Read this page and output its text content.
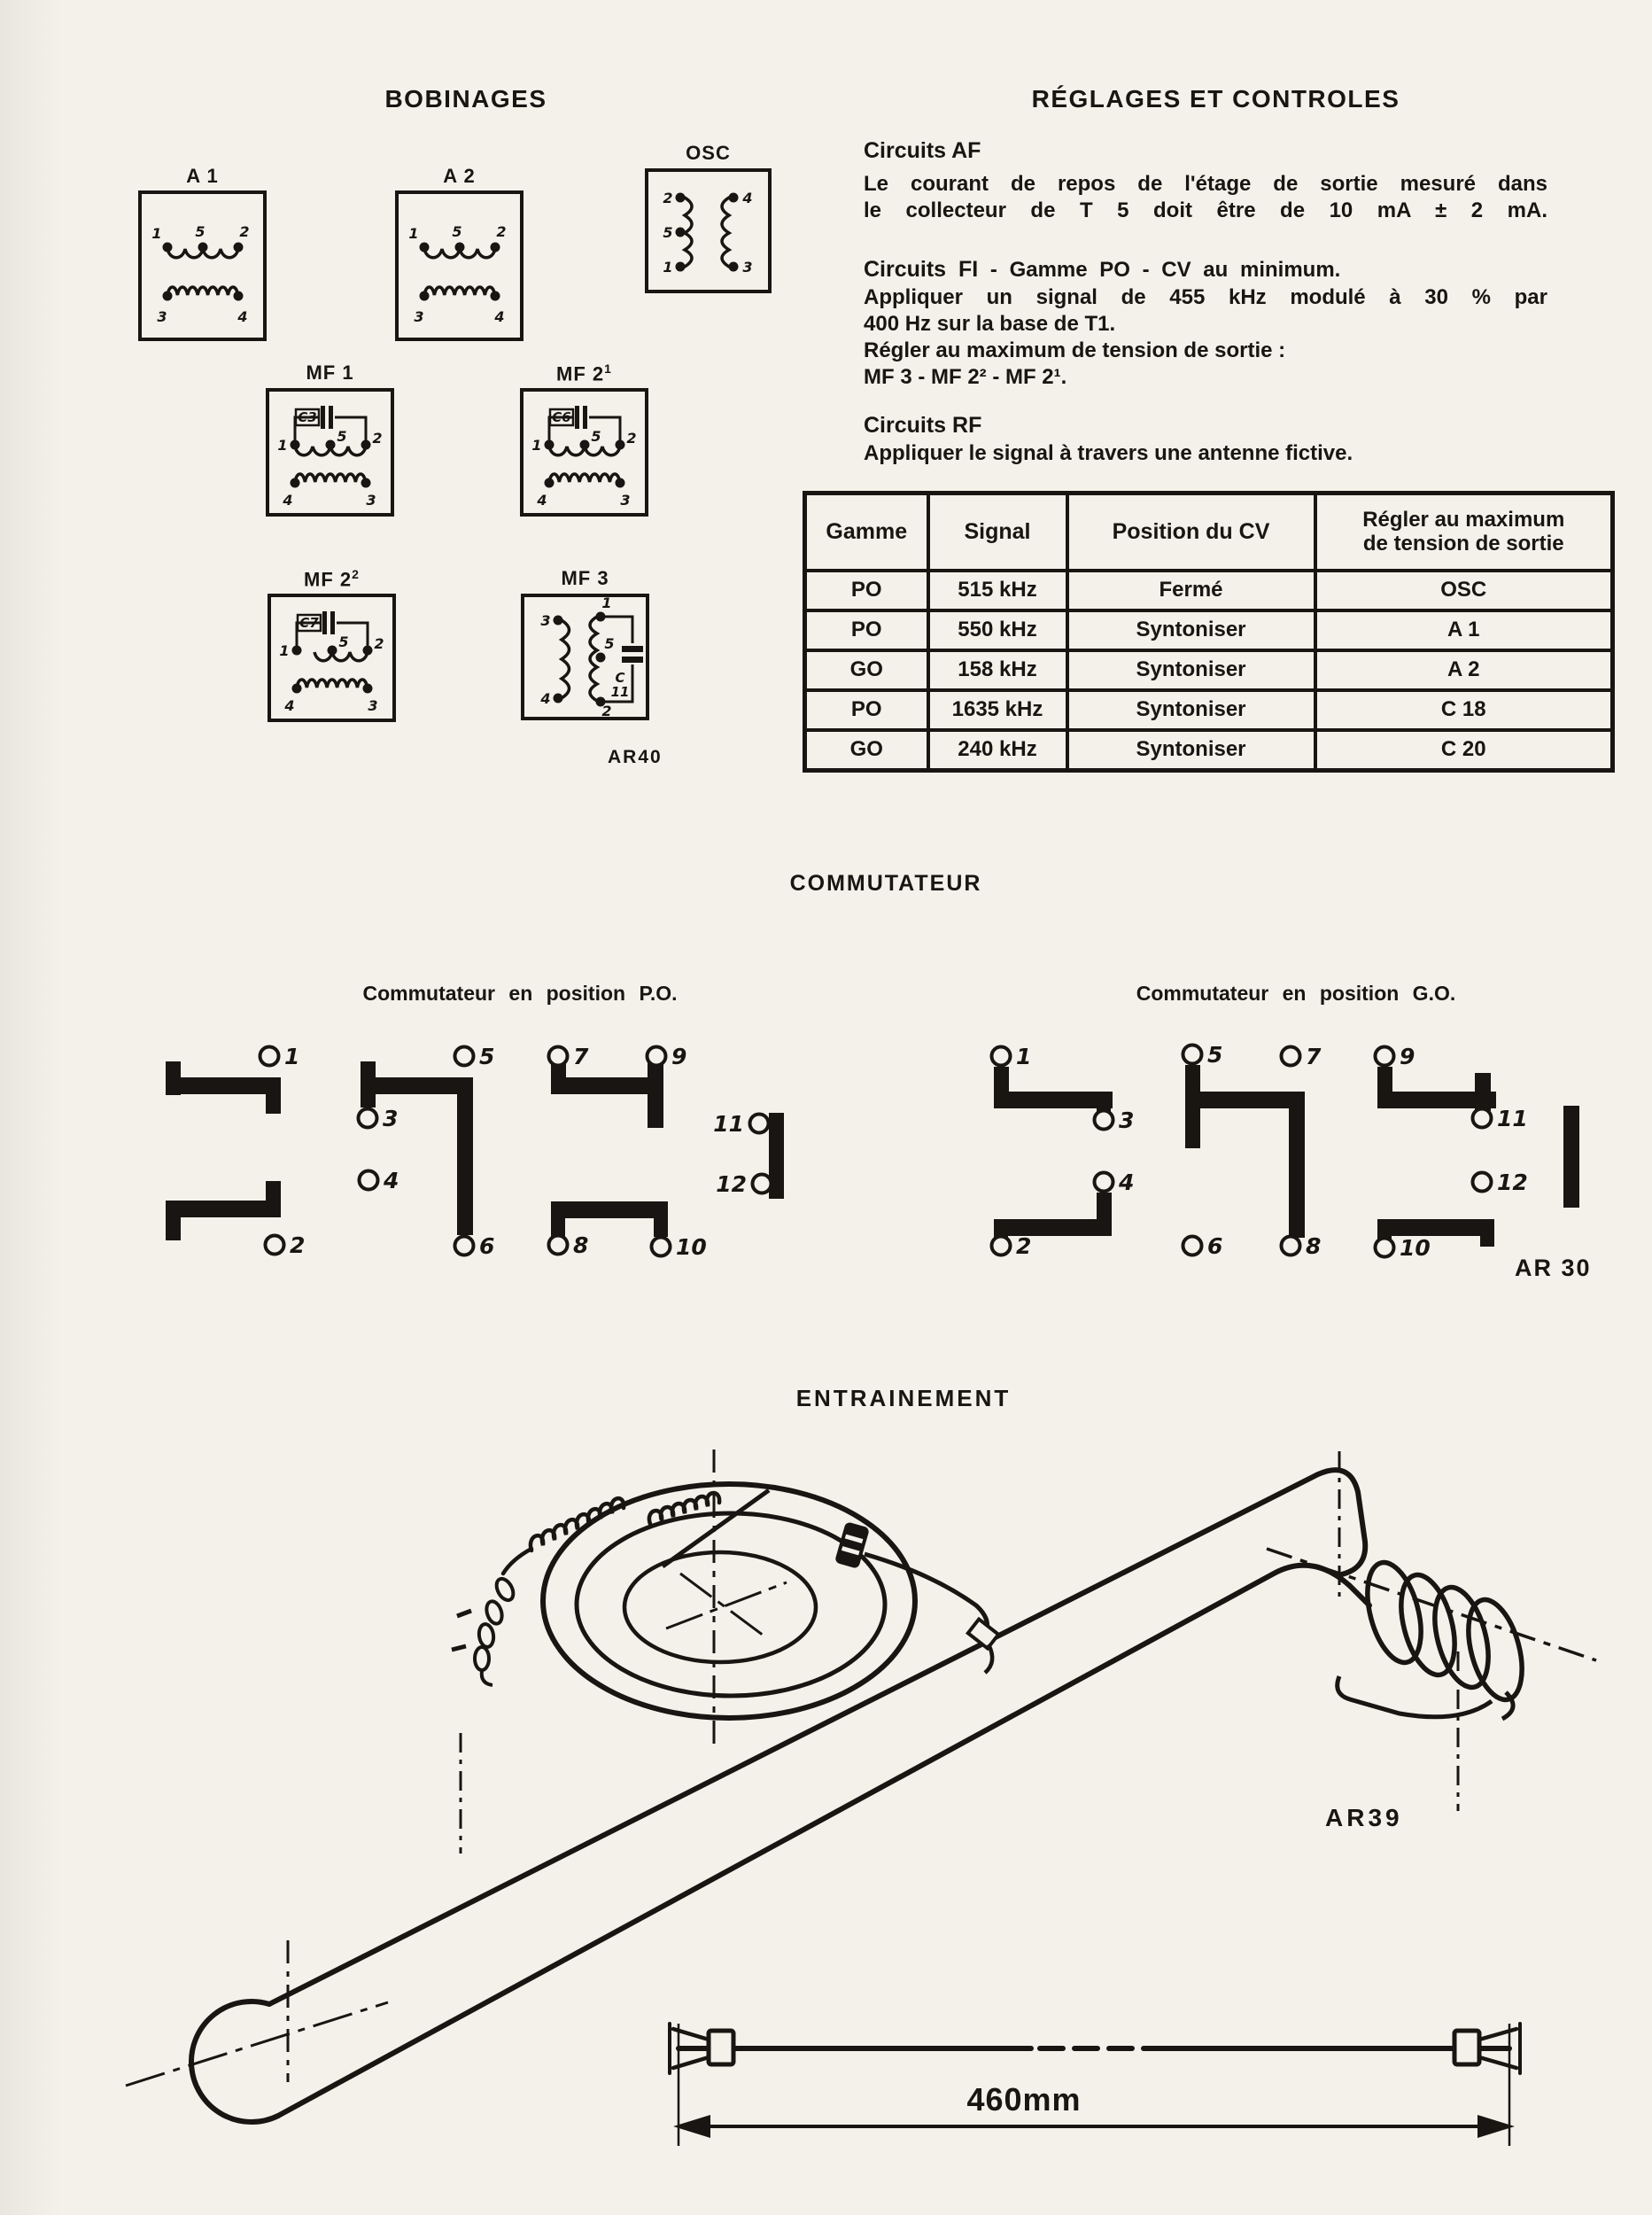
BOBINAGES	RÉGLAGES ET CONTROLES
A 1
1 5 2
3	4
A 2
1 5 2
3	4
OSC
2
5
1
4
3
MF 1
C3
1
5 2
4	3
MF $2^1$
C6
1
5 2
4	3
MF $2^2$
C7
1
5 2
4	3
MF 3
C
11
3
4
1
5
2
AR40
Circuits AF
Le courant de repos de l'étage de sortie mesuré dans
le collecteur de T 5 doit être de 10 mA ± 2 mA.
Circuits FI - Gamme PO - CV au minimum.
Appliquer un signal de 455 kHz modulé à 30 % par
400 Hz sur la base de T1.
Régler au maximum de tension de sortie :
MF 3 - MF 2² - MF 2¹.
Circuits RF
Appliquer le signal à travers une antenne fictive.
Gamme	Signal	Position du CV	Régler au maximum
de tension de sortie

PO	515 kHz	Fermé	OSC
PO	550 kHz	Syntoniser	A 1
GO	158 kHz	Syntoniser	A 2
PO	1635 kHz	Syntoniser	C 18
GO	240 kHz	Syntoniser	C 20
COMMUTATEUR
Commutateur en position P.O.	Commutateur en position G.O.
1	5	7	9
3
4
11
12
2	6	8	10
1	5	7	9
3	11
4	12
2	6	8	10
AR 30
ENTRAINEMENT
460mm
AR39
